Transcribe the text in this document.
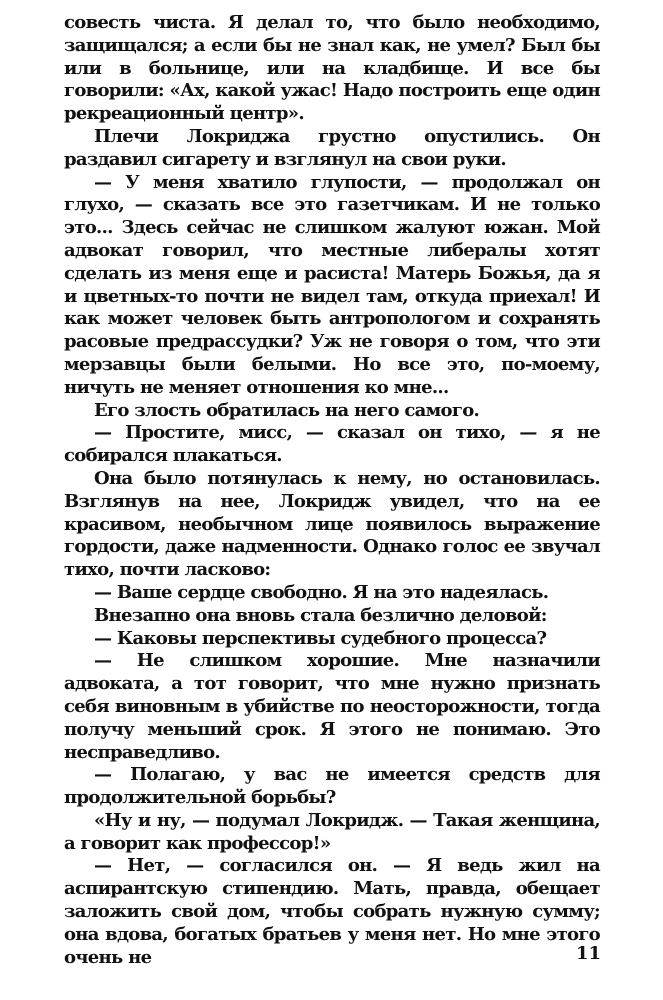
совесть чиста. Я делал то, что было необходимо, защищался; а если бы не знал как, не умел? Был бы или в больнице, или на кладбище. И все бы говорили: «Ах, какой ужас! Надо построить еще один рекреационный центр».

Плечи Локриджа грустно опустились. Он раздавил сигарету и взглянул на свои руки.

— У меня хватило глупости, — продолжал он глухо, — сказать все это газетчикам. И не только это... Здесь сейчас не слишком жалуют южан. Мой адвокат говорил, что местные либералы хотят сделать из меня еще и расиста! Матерь Божья, да я и цветных-то почти не видел там, откуда приехал! И как может человек быть антропологом и сохранять расовые предрассудки? Уж не говоря о том, что эти мерзавцы были белыми. Но все это, по-моему, ничуть не меняет отношения ко мне...

Его злость обратилась на него самого.

— Простите, мисс, — сказал он тихо, — я не собирался плакаться.

Она было потянулась к нему, но остановилась. Взглянув на нее, Локридж увидел, что на ее красивом, необычном лице появилось выражение гордости, даже надменности. Однако голос ее звучал тихо, почти ласково:

— Ваше сердце свободно. Я на это надеялась.

Внезапно она вновь стала безлично деловой:

— Каковы перспективы судебного процесса?

— Не слишком хорошие. Мне назначили адвоката, а тот говорит, что мне нужно признать себя виновным в убийстве по неосторожности, тогда получу меньший срок. Я этого не понимаю. Это несправедливо.

— Полагаю, у вас не имеется средств для продолжительной борьбы?

«Ну и ну, — подумал Локридж. — Такая женщина, а говорит как профессор!»

— Нет, — согласился он. — Я ведь жил на аспирантскую стипендию. Мать, правда, обещает заложить свой дом, чтобы собрать нужную сумму; она вдова, богатых братьев у меня нет. Но мне этого очень не	11
